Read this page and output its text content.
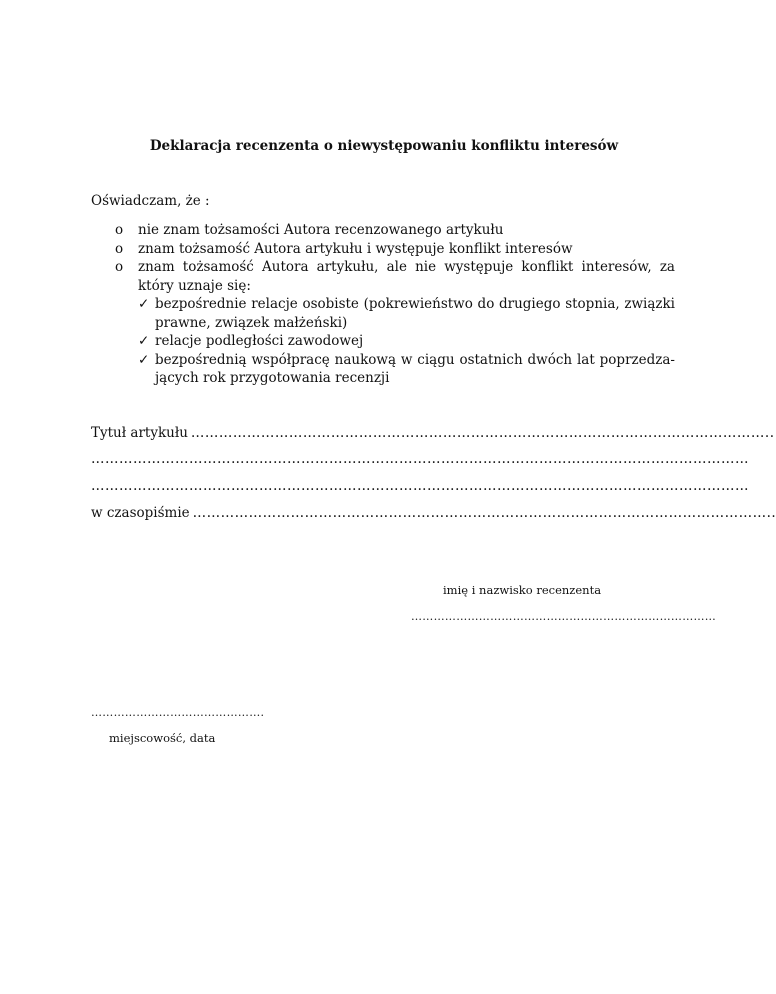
Deklaracja recenzenta o niewystępowaniu konfliktu interesów
Oświadczam, że :
o nie znam tożsamości Autora recenzowanego artykułu
o znam tożsamość Autora artykułu i występuje konflikt interesów
o znam tożsamość Autora artykułu, ale nie występuje konflikt interesów, za który uznaje się:
✓ bezpośrednie relacje osobiste (pokrewieństwo do drugiego stopnia, związki prawne, związek małżeński)
✓ relacje podległości zawodowej
✓ bezpośrednią współpracę naukową w ciągu ostatnich dwóch lat poprzedza-jących rok przygotowania recenzji
Tytuł artykułu ……………………………………………………………………………………………………………..
……………………………………………………………………………………………………………………………
……………………………………………………………………………………………………………………………
w czasopiśmie ……………………………………………………………………………………………………………..
imię i nazwisko recenzenta
………………………………………………………………………
……………………………………….
miejscowość, data
